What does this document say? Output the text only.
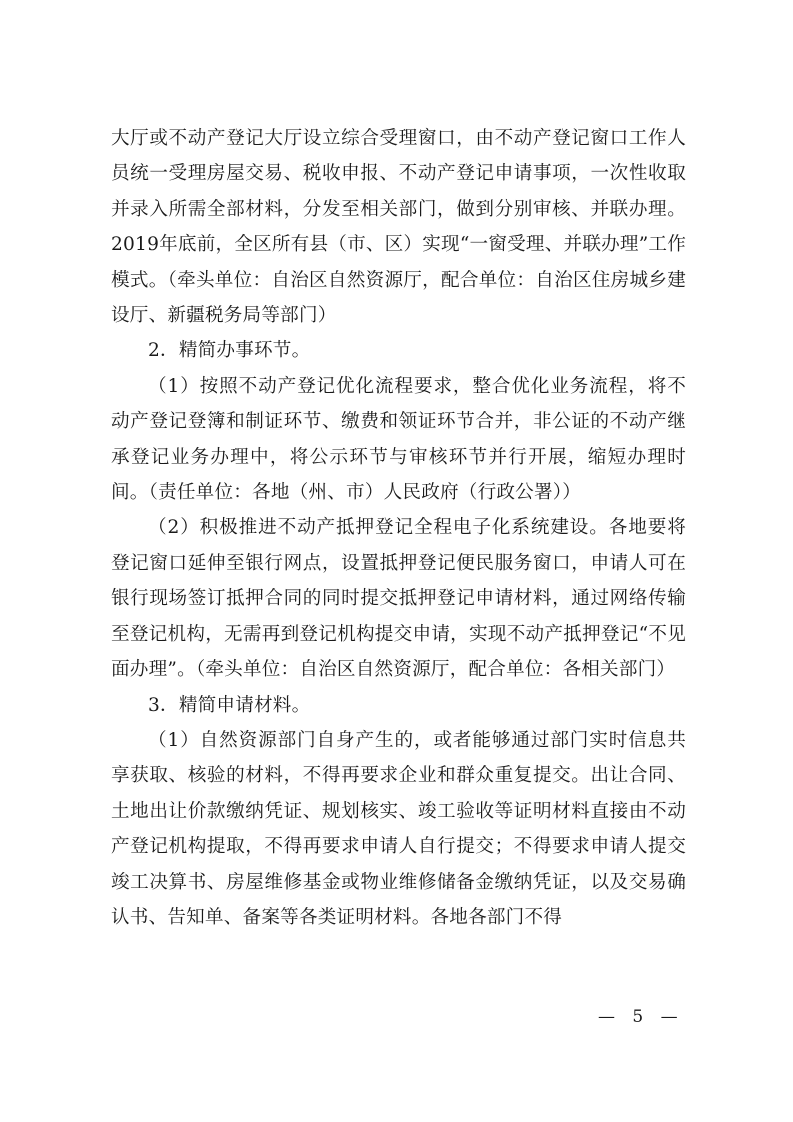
大厅或不动产登记大厅设立综合受理窗口，由不动产登记窗口工作人员统一受理房屋交易、税收申报、不动产登记申请事项，一次性收取并录入所需全部材料，分发至相关部门，做到分别审核、并联办理。2019年底前，全区所有县（市、区）实现“一窗受理、并联办理”工作模式。（牵头单位：自治区自然资源厅，配合单位：自治区住房城乡建设厅、新疆税务局等部门）

2．精简办事环节。

（1）按照不动产登记优化流程要求，整合优化业务流程，将不动产登记登簿和制证环节、缴费和领证环节合并，非公证的不动产继承登记业务办理中，将公示环节与审核环节并行开展，缩短办理时间。（责任单位：各地（州、市）人民政府（行政公署））

（2）积极推进不动产抵押登记全程电子化系统建设。各地要将登记窗口延伸至银行网点，设置抵押登记便民服务窗口，申请人可在银行现场签订抵押合同的同时提交抵押登记申请材料，通过网络传输至登记机构，无需再到登记机构提交申请，实现不动产抵押登记“不见面办理”。（牵头单位：自治区自然资源厅，配合单位：各相关部门）

3．精简申请材料。

（1）自然资源部门自身产生的，或者能够通过部门实时信息共享获取、核验的材料，不得再要求企业和群众重复提交。出让合同、土地出让价款缴纳凭证、规划核实、竣工验收等证明材料直接由不动产登记机构提取，不得再要求申请人自行提交；不得要求申请人提交竣工决算书、房屋维修基金或物业维修储备金缴纳凭证，以及交易确认书、告知单、备案等各类证明材料。各地各部门不得

— 5 —
